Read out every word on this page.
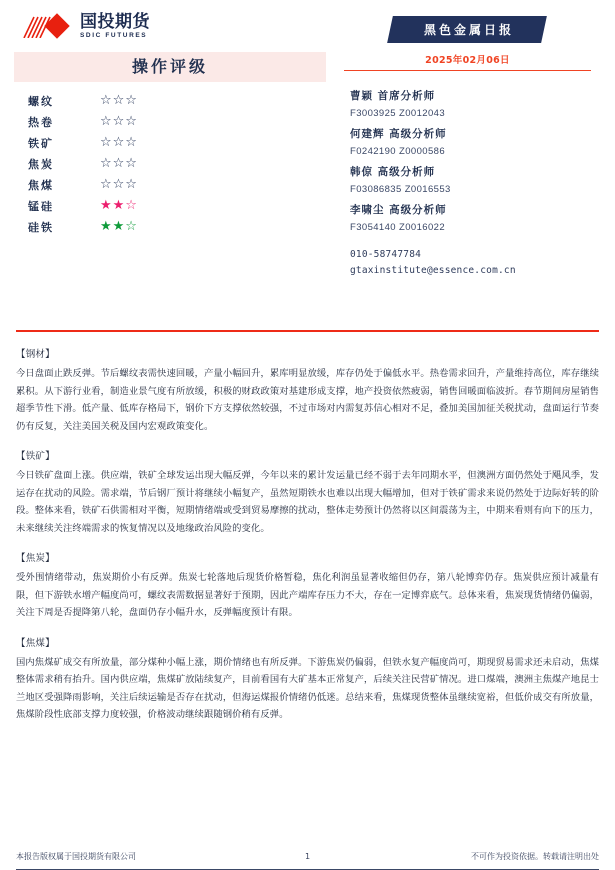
国投期货
SDIC FUTURES
操作评级
螺纹	☆☆☆
热卷	☆☆☆
铁矿	☆☆☆
焦炭	☆☆☆
焦煤	☆☆☆
锰硅	★★☆
硅铁	★★☆
黑色金属日报
2025年02月06日
曹颖 首席分析师
F3003925 Z0012043
何建辉 高级分析师
F0242190 Z0000586
韩倞 高级分析师
F03086835 Z0016553
李啸尘 高级分析师
F3054140 Z0016022
010-58747784
gtaxinstitute@essence.com.cn
【钢材】
今日盘面止跌反弹。节后螺纹表需快速回暖，产量小幅回升，累库明显放缓，库存仍处于偏低水平。热卷需求回升，产量维持高位，库存继续累积。从下游行业看，制造业景气度有所放缓，积极的财政政策对基建形成支撑，地产投资依然疲弱，销售回暖面临波折。春节期间房屋销售超季节性下滑。低产量、低库存格局下，钢价下方支撑依然较强，不过市场对内需复苏信心相对不足，叠加美国加征关税扰动，盘面运行节奏仍有反复，关注美国关税及国内宏观政策变化。
【铁矿】
今日铁矿盘面上涨。供应端，铁矿全球发运出现大幅反弹，今年以来的累计发运量已经不弱于去年同期水平，但澳洲方面仍然处于飓风季，发运存在扰动的风险。需求端，节后钢厂预计将继续小幅复产，虽然短期铁水也难以出现大幅增加，但对于铁矿需求来说仍然处于边际好转的阶段。整体来看，铁矿石供需相对平衡，短期情绪端或受到贸易摩擦的扰动，整体走势预计仍然将以区间震荡为主，中期来看则有向下的压力，未来继续关注终端需求的恢复情况以及地缘政治风险的变化。
【焦炭】
受外围情绪带动，焦炭期价小有反弹。焦炭七轮落地后现货价格暂稳，焦化利润虽显著收缩但仍存，第八轮博弈仍存。焦炭供应预计减量有限，但下游铁水增产幅度尚可，螺纹表需数据显著好于预期，因此产端库存压力不大，存在一定博弈底气。总体来看，焦炭现货情绪仍偏弱，关注下周是否提降第八轮，盘面仍存小幅升水，反弹幅度预计有限。
【焦煤】
国内焦煤矿成交有所放量，部分煤种小幅上涨，期价情绪也有所反弹。下游焦炭仍偏弱，但铁水复产幅度尚可，期现贸易需求还未启动，焦煤整体需求稍有抬升。国内供应端，焦煤矿放陆续复产，目前看国有大矿基本正常复产，后续关注民营矿情况。进口煤端，澳洲主焦煤产地昆士兰地区受强降雨影响，关注后续运输是否存在扰动，但海运煤报价情绪仍低迷。总结来看，焦煤现货整体虽继续宽裕，但低价成交有所放量，焦煤阶段性底部支撑力度较强，价格波动继续跟随钢价稍有反弹。
本报告版权属于国投期货有限公司	1	不可作为投资依据。转载请注明出处
